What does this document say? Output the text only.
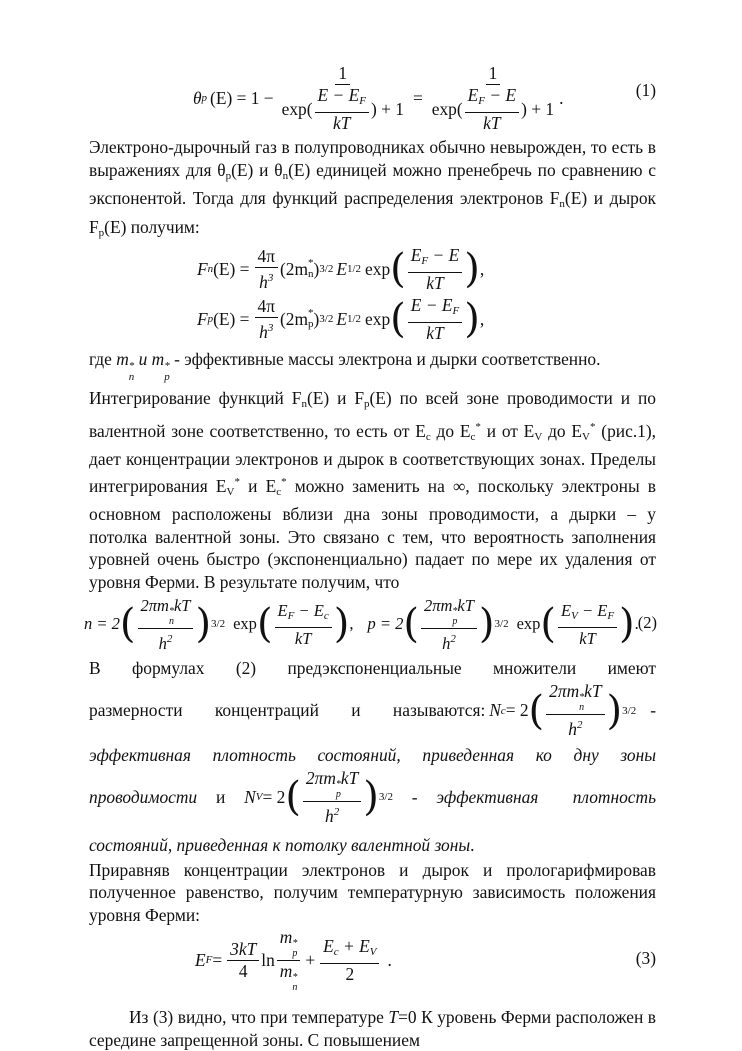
θ p (E) = 1 −
1
$\exp( \frac{E - E_F}{kT}$ ) + 1
=
1
$\exp( \frac{E_F - E}{kT}$ ) + 1
.	(1)

Электроно-дырочный газ в полупроводниках обычно невырожден, то есть в выражениях для $\theta_p(E)$ и $\theta_n(E)$ единицей можно пренебречь по сравнению с экспонентой. Тогда для функций распределения электронов $F_n(E)$ и дырок $F_p(E)$ получим:

F n $(E) = \frac{4\pi}{h^3} (2m$ *
n ) 3/2 E 1/2 exp ( $\frac{E_F - E}{kT}$ ) ,
F p $(E) = \frac{4\pi}{h^3} (2m$ *
p ) 3/2 E 1/2 exp ( $\frac{E - E_F}{kT}$ ) ,

где m *
n
и m *
p
- эффективные массы электрона и дырки соответственно.

Интегрирование функций $F_n(E)$ и $F_p(E)$ по всей зоне проводимости и по валентной зоне соответственно, то есть от $E_c$ до $E_c^*$ и от $E_V$ до $E_V^*$ (рис.1), дает концентрации электронов и дырок в соответствующих зонах. Пределы интегрирования $E_V^*$ и $E_c^*$ можно заменить на ∞, поскольку электроны в основном расположены вблизи дна зоны проводимости, а дырки – у потолка валентной зоны. Это связано с тем, что вероятность заполнения уровней очень быстро (экспоненциально) падает по мере их удаления от уровня Ферми. В результате получим, что

n = 2 ( 2πm *
n
kT
$h^2$ ) 3/2 exp ( $\frac{E_F - E_c}{kT}$ ) , p = 2 ( 2πm *
p
kT
$h^2$ ) 3/2 exp ( $\frac{E_V - E_F}{kT}$ ) .
(2)

В формулах (2) предэкспоненциальные множители имеют

размерности концентраций и называются: N c = 2 ( 2πm *
n
kT
$h^2$ ) 3/2 -

эффективная плотность состояний, приведенная ко дну зоны

проводимости и N V = 2 ( 2πm *
p
kT
$h^2$ ) 3/2 - эффективная плотность

состояний, приведенная к потолку валентной зоны.

Приравняв концентрации электронов и дырок и прологарифмировав полученное равенство, получим температурную зависимость положения уровня Ферми:

E $F = \frac{3kT}{4}$ ln m *
p
m *
$n + \frac{E_c + E_V}{2}$ .	(3)

Из (3) видно, что при температуре T=0 К уровень Ферми расположен в середине запрещенной зоны. С повышением
